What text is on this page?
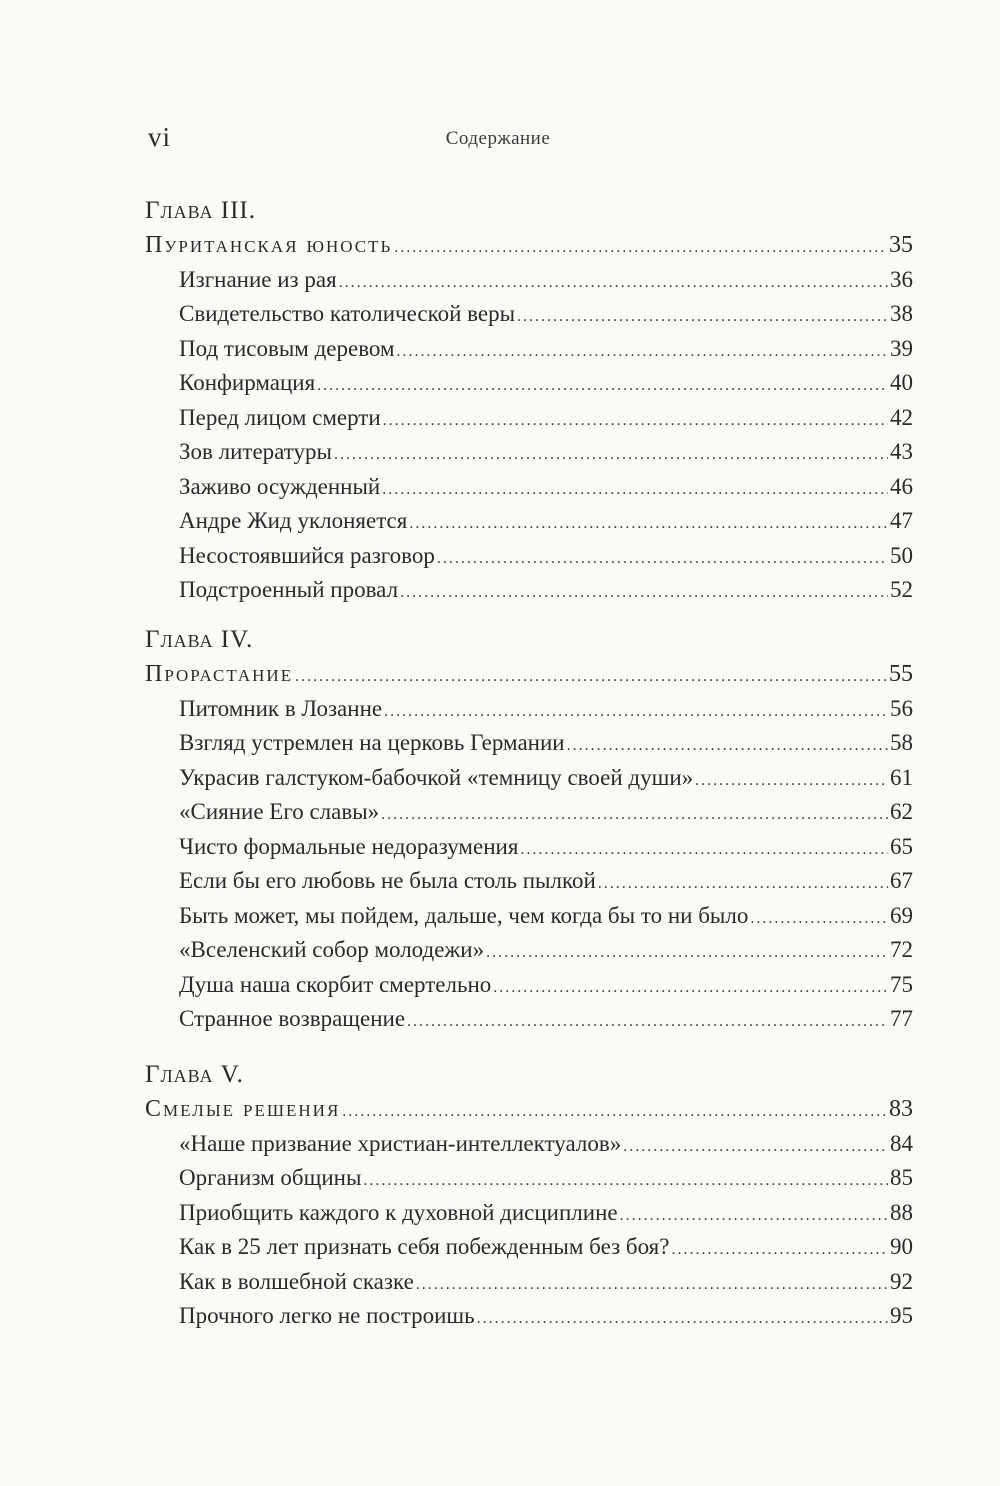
vi	Содержание
Глава III.
Пуританская юность .....	35
Изгнание из рая .....	36
Свидетельство католической веры .....	38
Под тисовым деревом .....	39
Конфирмация .....	40
Перед лицом смерти .....	42
Зов литературы .....	43
Заживо осужденный .....	46
Андре Жид уклоняется .....	47
Несостоявшийся разговор .....	50
Подстроенный провал .....	52
Глава IV.
Прорастание .....	55
Питомник в Лозанне .....	56
Взгляд устремлен на церковь Германии .....	58
Украсив галстуком-бабочкой «темницу своей души» .....	61
«Сияние Его славы» .....	62
Чисто формальные недоразумения .....	65
Если бы его любовь не была столь пылкой .....	67
Быть может, мы пойдем, дальше, чем когда бы то ни было .....	69
«Вселенский собор молодежи» .....	72
Душа наша скорбит смертельно .....	75
Странное возвращение .....	77
Глава V.
Смелые решения .....	83
«Наше призвание христиан-интеллектуалов» .....	84
Организм общины .....	85
Приобщить каждого к духовной дисциплине .....	88
Как в 25 лет признать себя побежденным без боя? .....	90
Как в волшебной сказке .....	92
Прочного легко не построишь .....	95
